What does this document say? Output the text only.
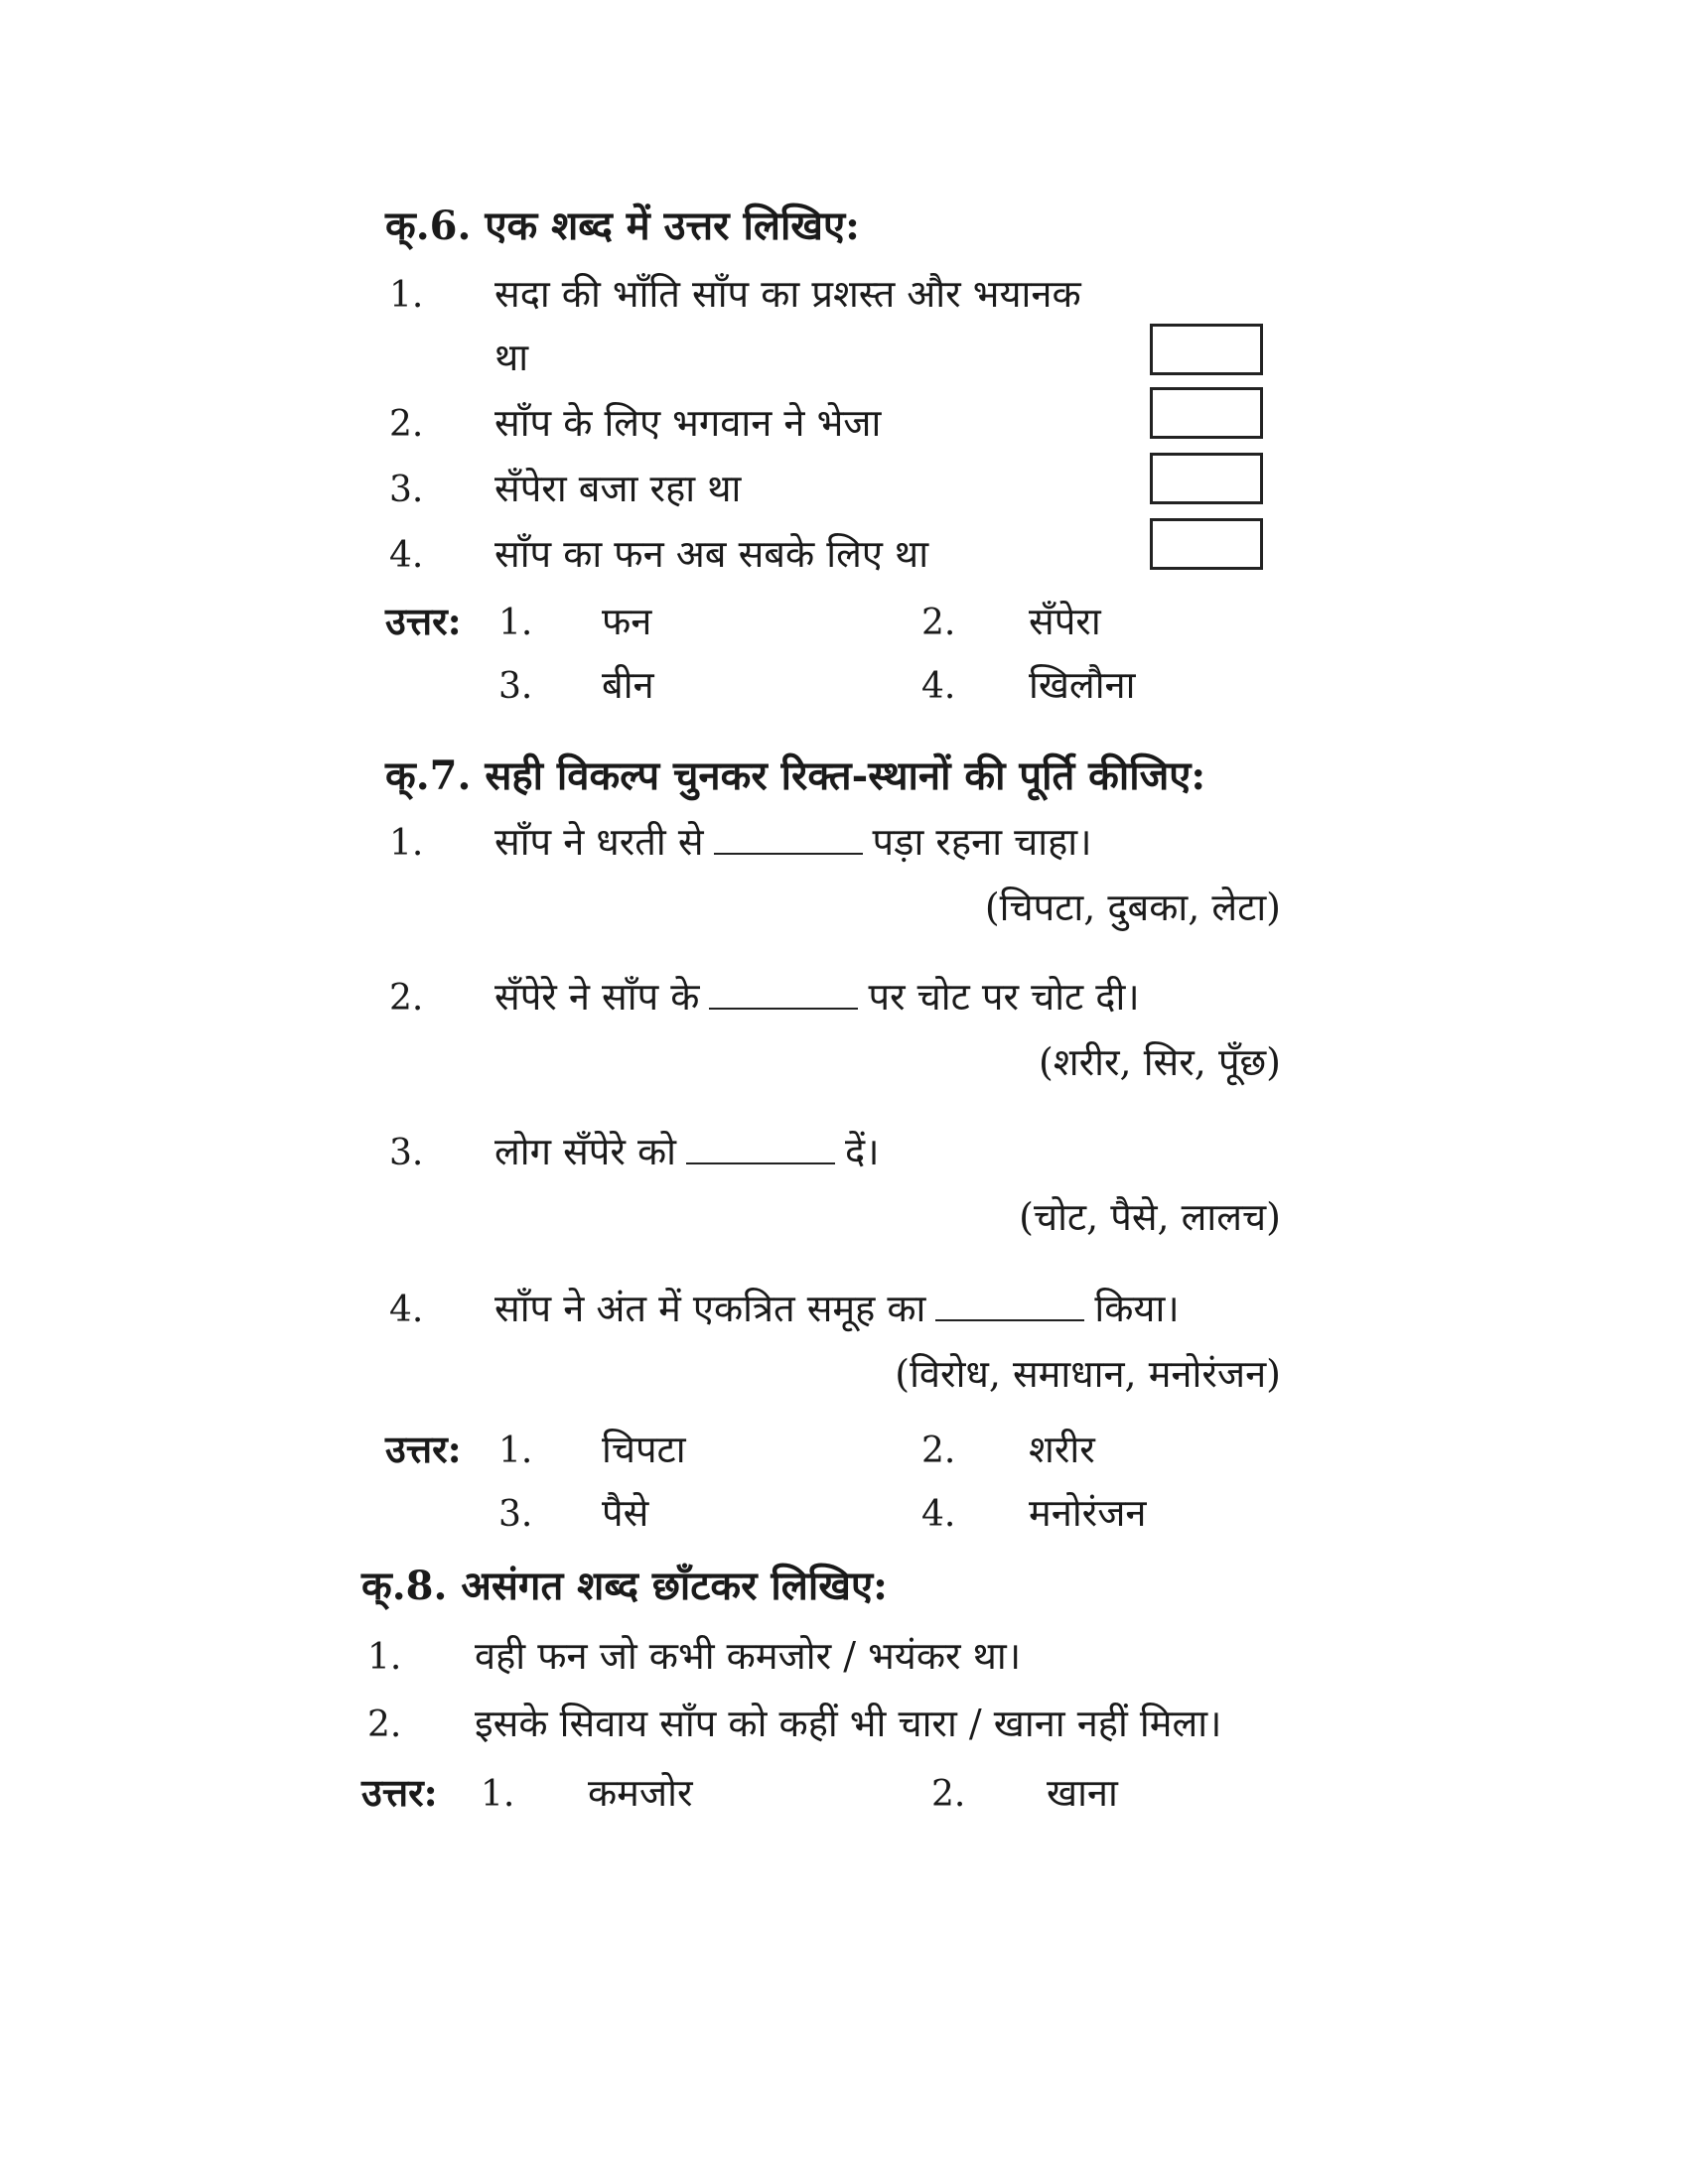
क्.6. एक शब्द में उत्तर लिखिए:
1. सदा की भाँति साँप का प्रशस्त और भयानक
था
2. साँप के लिए भगवान ने भेजा
3. सँपेरा बजा रहा था
4. साँप का फन अब सबके लिए था
उत्तर: 1. फन	2. सँपेरा
3. बीन	4. खिलौना
क्.7. सही विकल्प चुनकर रिक्त-स्थानों की पूर्ति कीजिए:
1. साँप ने धरती से	पड़ा रहना चाहा।
(चिपटा, दुबका, लेटा)
2. सँपेरे ने साँप के	पर चोट पर चोट दी।
(शरीर, सिर, पूँछ)
3. लोग सँपेरे को	दें।
(चोट, पैसे, लालच)
4. साँप ने अंत में एकत्रित समूह का	किया।
(विरोध, समाधान, मनोरंजन)
उत्तर: 1. चिपटा	2. शरीर
3. पैसे	4. मनोरंजन
क्.8. असंगत शब्द छाँटकर लिखिए:
1. वही फन जो कभी कमजोर / भयंकर था।
2. इसके सिवाय साँप को कहीं भी चारा / खाना नहीं मिला।
उत्तर: 1. कमजोर	2. खाना
